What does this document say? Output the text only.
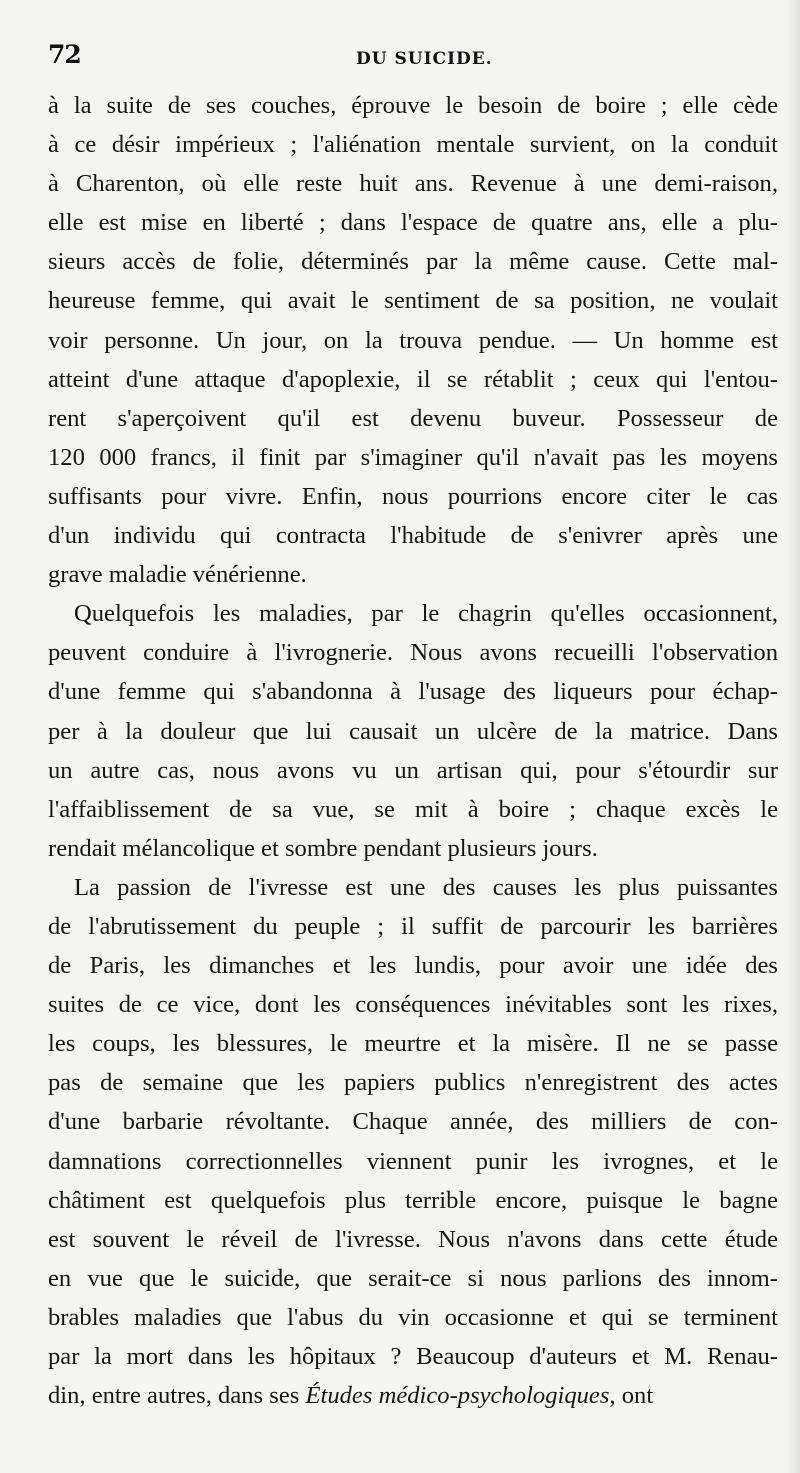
72	DU SUICIDE.
à la suite de ses couches, éprouve le besoin de boire ; elle cède
à ce désir impérieux ; l'aliénation mentale survient, on la conduit
à Charenton, où elle reste huit ans. Revenue à une demi-raison,
elle est mise en liberté ; dans l'espace de quatre ans, elle a plu-
sieurs accès de folie, déterminés par la même cause. Cette mal-
heureuse femme, qui avait le sentiment de sa position, ne voulait
voir personne. Un jour, on la trouva pendue. — Un homme est
atteint d'une attaque d'apoplexie, il se rétablit ; ceux qui l'entou-
rent s'aperçoivent qu'il est devenu buveur. Possesseur de
120 000 francs, il finit par s'imaginer qu'il n'avait pas les moyens
suffisants pour vivre. Enfin, nous pourrions encore citer le cas
d'un individu qui contracta l'habitude de s'enivrer après une
grave maladie vénérienne.
Quelquefois les maladies, par le chagrin qu'elles occasionnent,
peuvent conduire à l'ivrognerie. Nous avons recueilli l'observation
d'une femme qui s'abandonna à l'usage des liqueurs pour échap-
per à la douleur que lui causait un ulcère de la matrice. Dans
un autre cas, nous avons vu un artisan qui, pour s'étourdir sur
l'affaiblissement de sa vue, se mit à boire ; chaque excès le
rendait mélancolique et sombre pendant plusieurs jours.
La passion de l'ivresse est une des causes les plus puissantes
de l'abrutissement du peuple ; il suffit de parcourir les barrières
de Paris, les dimanches et les lundis, pour avoir une idée des
suites de ce vice, dont les conséquences inévitables sont les rixes,
les coups, les blessures, le meurtre et la misère. Il ne se passe
pas de semaine que les papiers publics n'enregistrent des actes
d'une barbarie révoltante. Chaque année, des milliers de con-
damnations correctionnelles viennent punir les ivrognes, et le
châtiment est quelquefois plus terrible encore, puisque le bagne
est souvent le réveil de l'ivresse. Nous n'avons dans cette étude
en vue que le suicide, que serait-ce si nous parlions des innom-
brables maladies que l'abus du vin occasionne et qui se terminent
par la mort dans les hôpitaux ? Beaucoup d'auteurs et M. Renau-
din, entre autres, dans ses Études médico-psychologiques, ont
